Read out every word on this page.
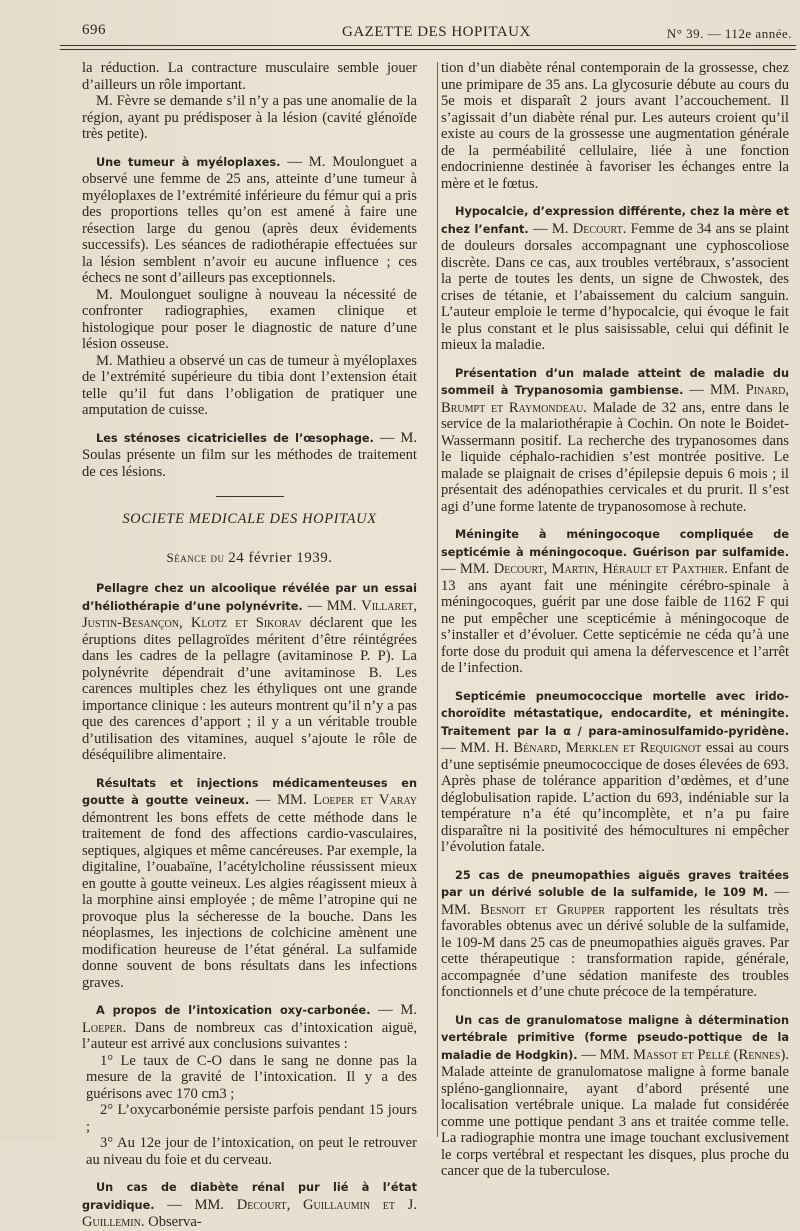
696	GAZETTE DES HOPITAUX	N° 39. — 112e année.

la réduction. La contracture musculaire semble jouer d’ailleurs un rôle important.

M. Fèvre se demande s’il n’y a pas une anomalie de la région, ayant pu prédisposer à la lésion (cavité glénoïde très petite).

Une tumeur à myéloplaxes. — M. Moulonguet a observé une femme de 25 ans, atteinte d’une tumeur à myéloplaxes de l’extrémité inférieure du fémur qui a pris des proportions telles qu’on est amené à faire une résection large du genou (après deux évidements successifs). Les séances de radiothérapie effectuées sur la lésion semblent n’avoir eu aucune influence ; ces échecs ne sont d’ailleurs pas exceptionnels.

M. Moulonguet souligne à nouveau la nécessité de confronter radiographies, examen clinique et histologique pour poser le diagnostic de nature d’une lésion osseuse.

M. Mathieu a observé un cas de tumeur à myéloplaxes de l’extrémité supérieure du tibia dont l’extension était telle qu’il fut dans l’obligation de pratiquer une amputation de cuisse.

Les sténoses cicatricielles de l’œsophage. — M. Soulas présente un film sur les méthodes de traitement de ces lésions.

SOCIETE MEDICALE DES HOPITAUX

Séance du 24 février 1939.

Pellagre chez un alcoolique révélée par un essai d’héliothérapie d’une polynévrite. — MM. Villaret, Justin-Besançon, Klotz et Sikorav déclarent que les éruptions dites pellagroïdes méritent d’être réintégrées dans les cadres de la pellagre (avitaminose P. P). La polynévrite dépendrait d’une avitaminose B. Les carences multiples chez les éthyliques ont une grande importance clinique : les auteurs montrent qu’il n’y a pas que des carences d’apport ; il y a un véritable trouble d’utilisation des vitamines, auquel s’ajoute le rôle de déséquilibre alimentaire.

Résultats et injections médicamenteuses en goutte à goutte veineux. — MM. Loeper et Varay démontrent les bons effets de cette méthode dans le traitement de fond des affections cardio-vasculaires, septiques, algiques et même cancéreuses. Par exemple, la digitaline, l’ouabaïne, l’acétylcholine réussissent mieux en goutte à goutte veineux. Les algies réagissent mieux à la morphine ainsi employée ; de même l’atropine qui ne provoque plus la sécheresse de la bouche. Dans les néoplasmes, les injections de colchicine amènent une modification heureuse de l’état général. La sulfamide donne souvent de bons résultats dans les infections graves.

A propos de l’intoxication oxy-carbonée. — M. Loeper. Dans de nombreux cas d’intoxication aiguë, l’auteur est arrivé aux conclusions suivantes :

1° Le taux de C-O dans le sang ne donne pas la mesure de la gravité de l’intoxication. Il y a des guérisons avec 170 cm3 ;

2° L’oxycarbonémie persiste parfois pendant 15 jours ;

3° Au 12e jour de l’intoxication, on peut le retrouver au niveau du foie et du cerveau.

Un cas de diabète rénal pur lié à l’état gravidique. — MM. Decourt, Guillaumin et J. Guillemin. Observa-

tion d’un diabète rénal contemporain de la grossesse, chez une primipare de 35 ans. La glycosurie débute au cours du 5e mois et disparaît 2 jours avant l’accouchement. Il s’agissait d’un diabète rénal pur. Les auteurs croient qu’il existe au cours de la grossesse une augmentation générale de la perméabilité cellulaire, liée à une fonction endocrinienne destinée à favoriser les échanges entre la mère et le fœtus.

Hypocalcie, d’expression différente, chez la mère et chez l’enfant. — M. Decourt. Femme de 34 ans se plaint de douleurs dorsales accompagnant une cyphoscoliose discrète. Dans ce cas, aux troubles vertébraux, s’associent la perte de toutes les dents, un signe de Chwostek, des crises de tétanie, et l’abaissement du calcium sanguin. L’auteur emploie le terme d’hypocalcie, qui évoque le fait le plus constant et le plus saisissable, celui qui définit le mieux la maladie.

Présentation d’un malade atteint de maladie du sommeil à Trypanosomia gambiense. — MM. Pinard, Brumpt et Raymondeau. Malade de 32 ans, entre dans le service de la malariothérapie à Cochin. On note le Boidet-Wassermann positif. La recherche des trypanosomes dans le liquide céphalo-rachidien s’est montrée positive. Le malade se plaignait de crises d’épilepsie depuis 6 mois ; il présentait des adénopathies cervicales et du prurit. Il s’est agi d’une forme latente de trypanosomose à rechute.

Méningite à méningocoque compliquée de septicémie à méningocoque. Guérison par sulfamide. — MM. Decourt, Martin, Hérault et Paxthier. Enfant de 13 ans ayant fait une méningite cérébro-spinale à méningocoques, guérit par une dose faible de 1162 F qui ne put empêcher une scepticémie à méningocoque de s’installer et d’évoluer. Cette septicémie ne céda qu’à une forte dose du produit qui amena la défervescence et l’arrêt de l’infection.

Septicémie pneumococcique mortelle avec irido-choroïdite métastatique, endocardite, et méningite. Traitement par la α / para-aminosulfamido-pyridène. — MM. H. Bénard, Merklen et Requignot essai au cours d’une septisémie pneumococcique de doses élevées de 693. Après phase de tolérance apparition d’œdèmes, et d’une déglobulisation rapide. L’action du 693, indéniable sur la température n’a été qu’incomplète, et n’a pu faire disparaître ni la positivité des hémocultures ni empêcher l’évolution fatale.

25 cas de pneumopathies aiguës graves traitées par un dérivé soluble de la sulfamide, le 109 M. — MM. Besnoit et Grupper rapportent les résultats très favorables obtenus avec un dérivé soluble de la sulfamide, le 109-M dans 25 cas de pneumopathies aiguës graves. Par cette thérapeutique : transformation rapide, générale, accompagnée d’une sédation manifeste des troubles fonctionnels et d’une chute précoce de la température.

Un cas de granulomatose maligne à détermination vertébrale primitive (forme pseudo-pottique de la maladie de Hodgkin). — MM. Massot et Pellé (Rennes). Malade atteinte de granulomatose maligne à forme banale spléno-ganglionnaire, ayant d’abord présenté une localisation vertébrale unique. La malade fut considérée comme une pottique pendant 3 ans et traitée comme telle. La radiographie montra une image touchant exclusivement le corps vertébral et respectant les disques, plus proche du cancer que de la tuberculose.
